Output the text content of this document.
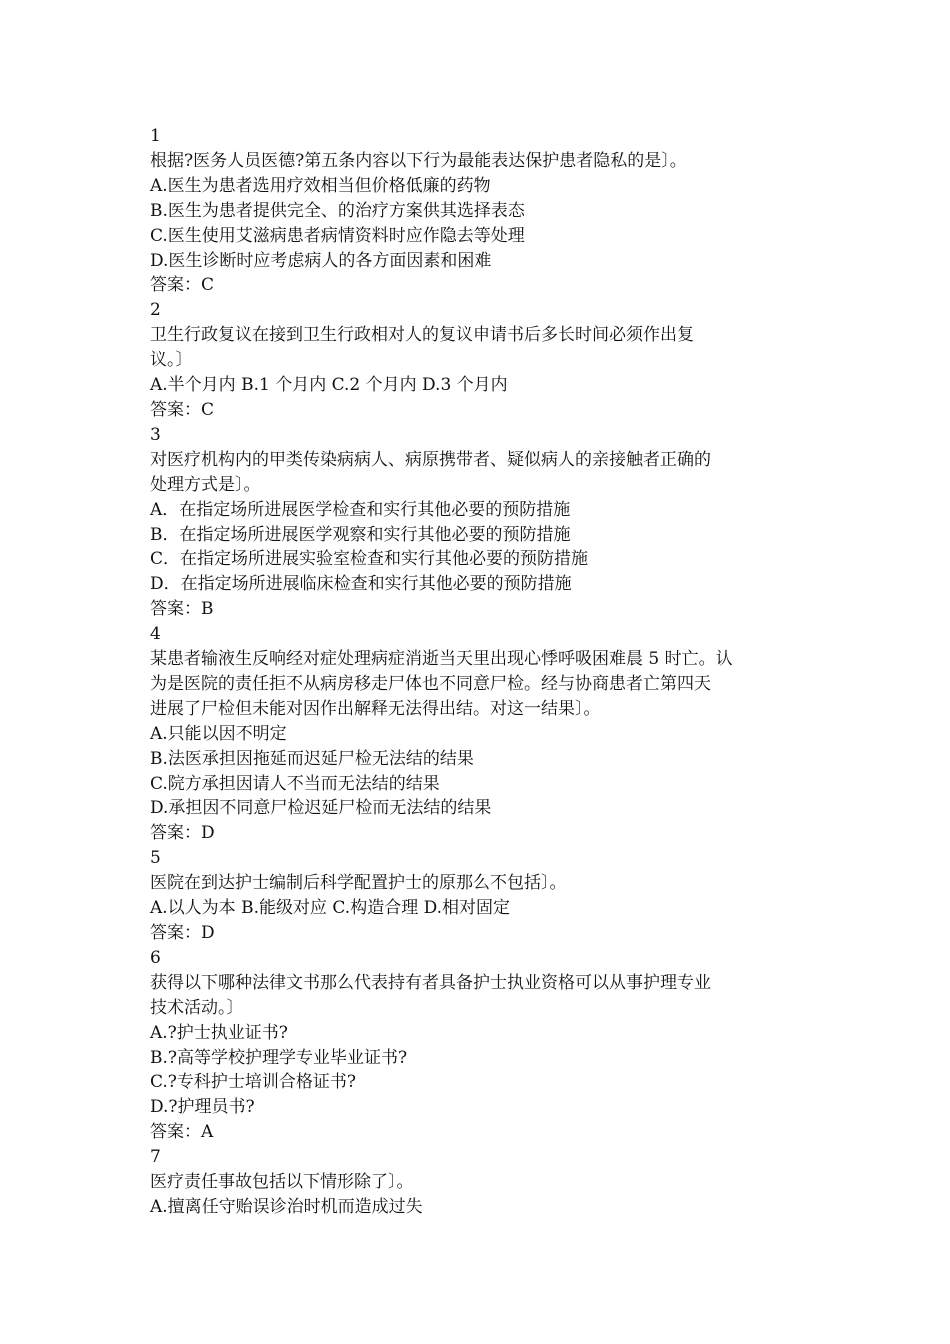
1
根据?医务人员医德?第五条内容以下行为最能表达保护患者隐私的是〕。
A.医生为患者选用疗效相当但价格低廉的药物
B.医生为患者提供完全、的治疗方案供其选择表态
C.医生使用艾滋病患者病情资料时应作隐去等处理
D.医生诊断时应考虑病人的各方面因素和困难
答案：C
2
卫生行政复议在接到卫生行政相对人的复议申请书后多长时间必须作出复
议。〕
A.半个月内 B.1 个月内 C.2 个月内 D.3 个月内
答案：C
3
对医疗机构内的甲类传染病病人、病原携带者、疑似病人的亲接触者正确的
处理方式是〕。
A．在指定场所进展医学检查和实行其他必要的预防措施
B．在指定场所进展医学观察和实行其他必要的预防措施
C．在指定场所进展实验室检查和实行其他必要的预防措施
D．在指定场所进展临床检查和实行其他必要的预防措施
答案：B
4
某患者输液生反响经对症处理病症消逝当天里出现心悸呼吸困难晨 5 时亡。认
为是医院的责任拒不从病房移走尸体也不同意尸检。经与协商患者亡第四天
进展了尸检但未能对因作出解释无法得出结。对这一结果〕。
A.只能以因不明定
B.法医承担因拖延而迟延尸检无法结的结果
C.院方承担因请人不当而无法结的结果
D.承担因不同意尸检迟延尸检而无法结的结果
答案：D
5
医院在到达护士编制后科学配置护士的原那么不包括〕。
A.以人为本 B.能级对应 C.构造合理 D.相对固定
答案：D
6
获得以下哪种法律文书那么代表持有者具备护士执业资格可以从事护理专业
技术活动。〕
A.?护士执业证书?
B.?高等学校护理学专业毕业证书?
C.?专科护士培训合格证书?
D.?护理员书?
答案：A
7
医疗责任事故包括以下情形除了〕。
A.擅离任守贻误诊治时机而造成过失
